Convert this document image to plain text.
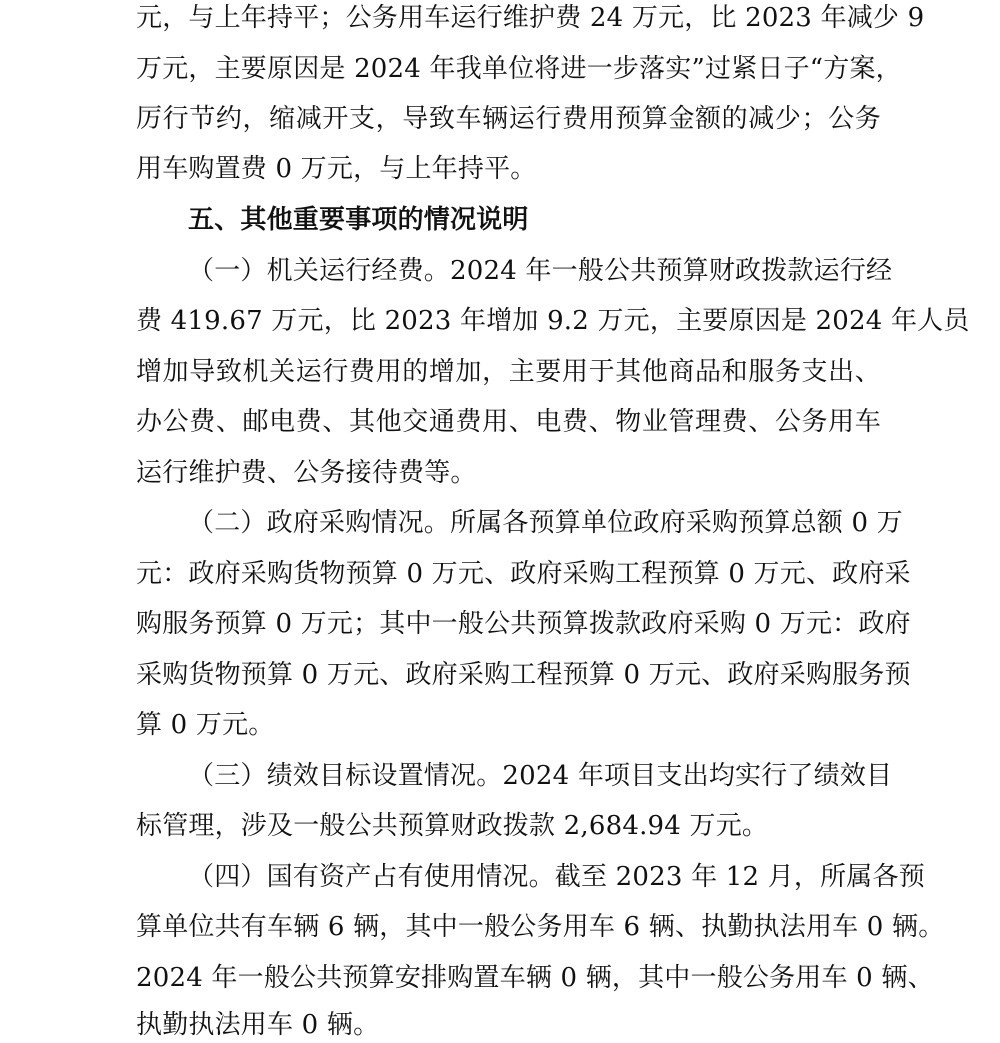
元，与上年持平；公务用车运行维护费 24 万元，比 2023 年减少 9
万元，主要原因是 2024 年我单位将进一步落实”过紧日子“方案，
厉行节约，缩减开支，导致车辆运行费用预算金额的减少；公务
用车购置费 0 万元，与上年持平。
五、其他重要事项的情况说明
（一）机关运行经费。2024 年一般公共预算财政拨款运行经
费 419.67 万元，比 2023 年增加 9.2 万元，主要原因是 2024 年人员
增加导致机关运行费用的增加，主要用于其他商品和服务支出、
办公费、邮电费、其他交通费用、电费、物业管理费、公务用车
运行维护费、公务接待费等。
（二）政府采购情况。所属各预算单位政府采购预算总额 0 万
元：政府采购货物预算 0 万元、政府采购工程预算 0 万元、政府采
购服务预算 0 万元；其中一般公共预算拨款政府采购 0 万元：政府
采购货物预算 0 万元、政府采购工程预算 0 万元、政府采购服务预
算 0 万元。
（三）绩效目标设置情况。2024 年项目支出均实行了绩效目
标管理，涉及一般公共预算财政拨款 2,684.94 万元。
（四）国有资产占有使用情况。截至 2023 年 12 月，所属各预
算单位共有车辆 6 辆，其中一般公务用车 6 辆、执勤执法用车 0 辆。
2024 年一般公共预算安排购置车辆 0 辆，其中一般公务用车 0 辆、
执勤执法用车 0 辆。
